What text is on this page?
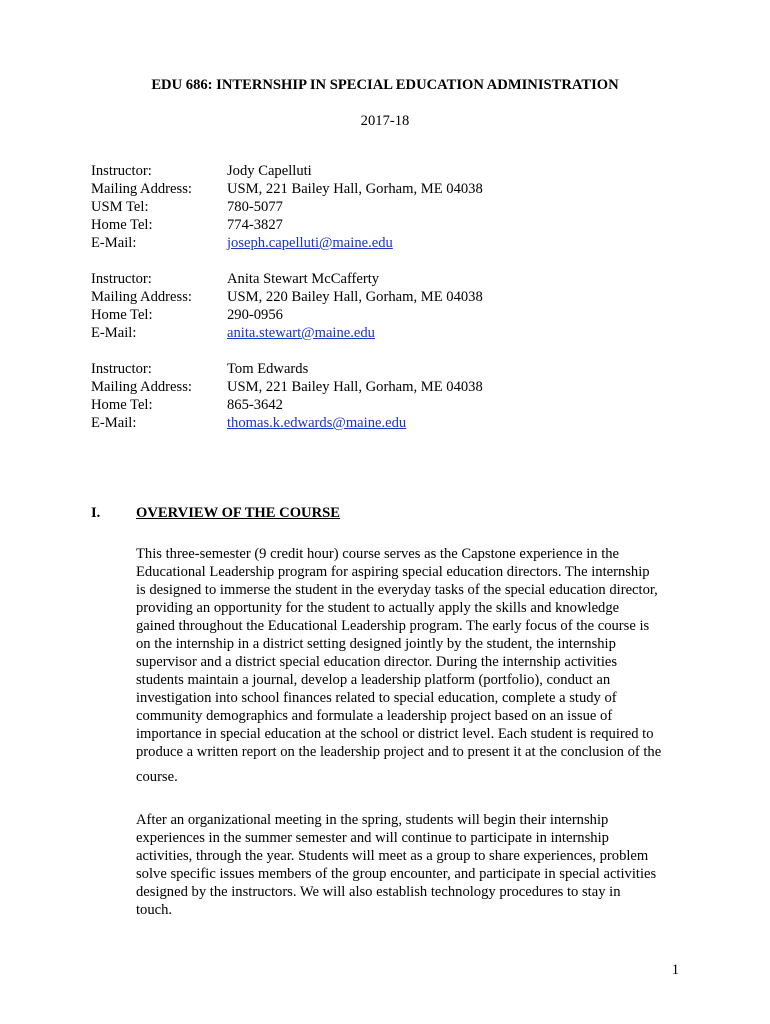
EDU 686: INTERNSHIP IN SPECIAL EDUCATION ADMINISTRATION
2017-18
Instructor:	Jody Capelluti
Mailing Address:	USM, 221 Bailey Hall, Gorham, ME 04038
USM Tel:	780-5077
Home Tel:	774-3827
E-Mail:	joseph.capelluti@maine.edu
Instructor:	Anita Stewart McCafferty
Mailing Address:	USM, 220 Bailey Hall, Gorham, ME 04038
Home Tel:	290-0956
E-Mail:	anita.stewart@maine.edu
Instructor:	Tom Edwards
Mailing Address:	USM, 221 Bailey Hall, Gorham, ME 04038
Home Tel:	865-3642
E-Mail:	thomas.k.edwards@maine.edu
I.	OVERVIEW OF THE COURSE

This three-semester (9 credit hour) course serves as the Capstone experience in the
Educational Leadership program for aspiring special education directors. The internship
is designed to immerse the student in the everyday tasks of the special education director,
providing an opportunity for the student to actually apply the skills and knowledge
gained throughout the Educational Leadership program. The early focus of the course is
on the internship in a district setting designed jointly by the student, the internship
supervisor and a district special education director. During the internship activities
students maintain a journal, develop a leadership platform (portfolio), conduct an
investigation into school finances related to special education, complete a study of
community demographics and formulate a leadership project based on an issue of
importance in special education at the school or district level. Each student is required to
produce a written report on the leadership project and to present it at the conclusion of the
course.

After an organizational meeting in the spring, students will begin their internship
experiences in the summer semester and will continue to participate in internship
activities, through the year. Students will meet as a group to share experiences, problem
solve specific issues members of the group encounter, and participate in special activities
designed by the instructors. We will also establish technology procedures to stay in
touch.

1
